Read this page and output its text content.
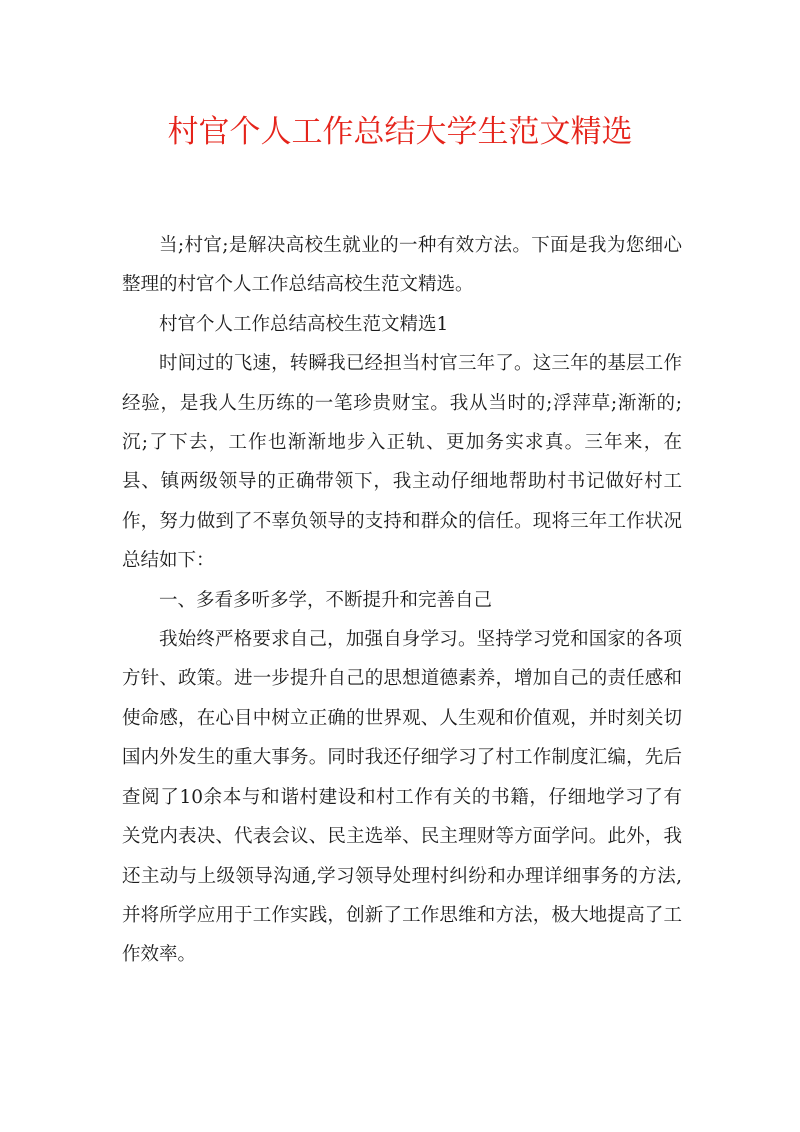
村官个人工作总结大学生范文精选

当;村官;是解决高校生就业的一种有效方法。下面是我为您细心整理的村官个人工作总结高校生范文精选。

村官个人工作总结高校生范文精选1

时间过的飞速，转瞬我已经担当村官三年了。这三年的基层工作经验，是我人生历练的一笔珍贵财宝。我从当时的;浮萍草;渐渐的;沉;了下去，工作也渐渐地步入正轨、更加务实求真。三年来，在县、镇两级领导的正确带领下，我主动仔细地帮助村书记做好村工作，努力做到了不辜负领导的支持和群众的信任。现将三年工作状况总结如下：

一、多看多听多学，不断提升和完善自己

我始终严格要求自己，加强自身学习。坚持学习党和国家的各项方针、政策。进一步提升自己的思想道德素养，增加自己的责任感和使命感，在心目中树立正确的世界观、人生观和价值观，并时刻关切国内外发生的重大事务。同时我还仔细学习了村工作制度汇编，先后查阅了10余本与和谐村建设和村工作有关的书籍，仔细地学习了有关党内表决、代表会议、民主选举、民主理财等方面学问。此外，我还主动与上级领导沟通,学习领导处理村纠纷和办理详细事务的方法,并将所学应用于工作实践，创新了工作思维和方法，极大地提高了工作效率。
